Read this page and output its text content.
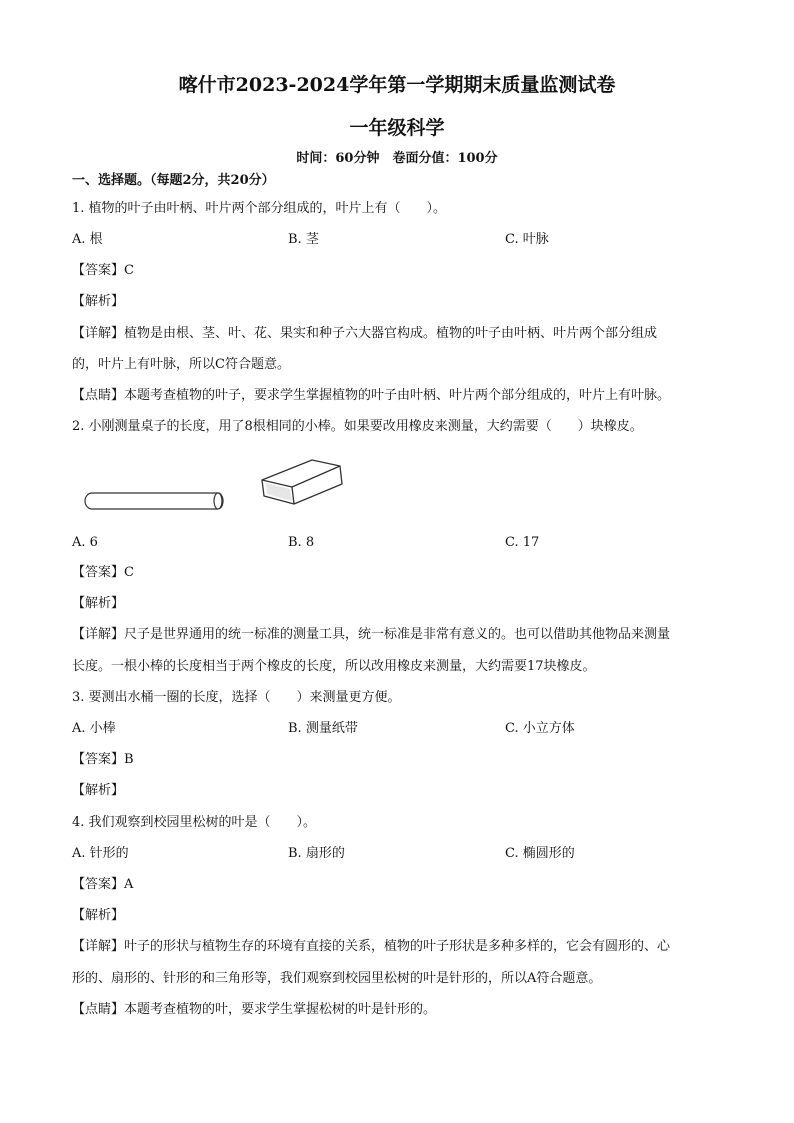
喀什市2023-2024学年第一学期期末质量监测试卷
一年级科学
时间：60分钟　卷面分值：100分
一、选择题。（每题2分，共20分）
1. 植物的叶子由叶柄、叶片两个部分组成的，叶片上有（　　）。
A. 根	B. 茎	C. 叶脉
【答案】C
【解析】
【详解】植物是由根、茎、叶、花、果实和种子六大器官构成。植物的叶子由叶柄、叶片两个部分组成
的，叶片上有叶脉，所以C符合题意。
【点睛】本题考查植物的叶子，要求学生掌握植物的叶子由叶柄、叶片两个部分组成的，叶片上有叶脉。
2. 小刚测量桌子的长度，用了8根相同的小棒。如果要改用橡皮来测量，大约需要（　　）块橡皮。
A. 6	B. 8	C. 17
【答案】C
【解析】
【详解】尺子是世界通用的统一标准的测量工具，统一标准是非常有意义的。也可以借助其他物品来测量
长度。一根小棒的长度相当于两个橡皮的长度，所以改用橡皮来测量，大约需要17块橡皮。
3. 要测出水桶一圈的长度，选择（　　）来测量更方便。
A. 小棒	B. 测量纸带	C. 小立方体
【答案】B
【解析】
4. 我们观察到校园里松树的叶是（　　）。
A. 针形的	B. 扇形的	C. 椭圆形的
【答案】A
【解析】
【详解】叶子的形状与植物生存的环境有直接的关系，植物的叶子形状是多种多样的，它会有圆形的、心
形的、扇形的、针形的和三角形等，我们观察到校园里松树的叶是针形的，所以A符合题意。
【点睛】本题考查植物的叶，要求学生掌握松树的叶是针形的。
